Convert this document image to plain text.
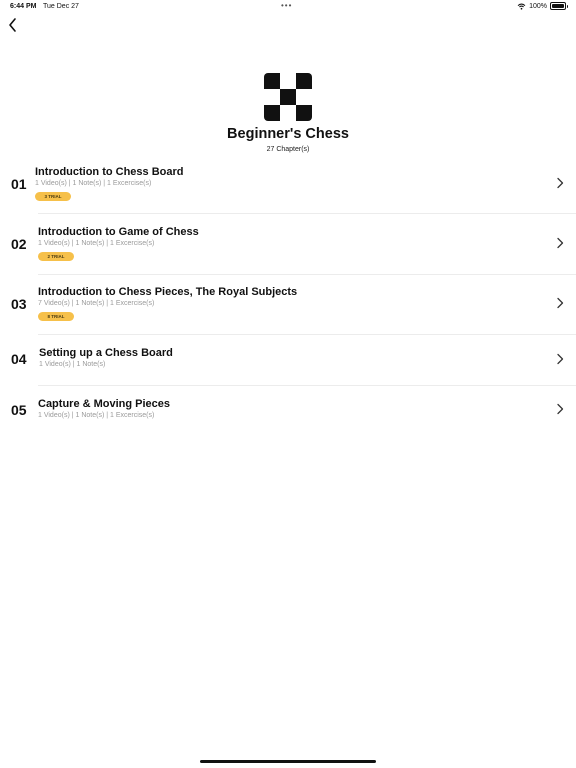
6:44 PM Tue Dec 27	•••	100%
Beginner's Chess
27 Chapter(s)
01
Introduction to Chess Board
1 Video(s) | 1 Note(s) | 1 Excercise(s)
3 TRIAL
02
Introduction to Game of Chess
1 Video(s) | 1 Note(s) | 1 Excercise(s)
2 TRIAL
03
Introduction to Chess Pieces, The Royal Subjects
7 Video(s) | 1 Note(s) | 1 Excercise(s)
8 TRIAL
04 Setting up a Chess Board
1 Video(s) | 1 Note(s)
05 Capture & Moving Pieces
1 Video(s) | 1 Note(s) | 1 Excercise(s)
